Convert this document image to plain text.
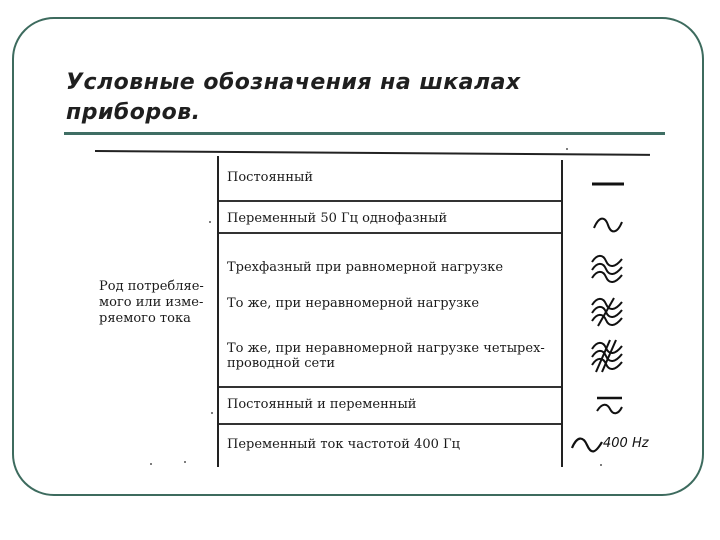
Условные обозначения на шкалах приборов.
Род потребляе-мого или изме-ряемого тока
Постоянный
Переменный 50 Гц однофазный
Трехфазный при равномерной нагрузке
То же, при неравномерной нагрузке
То же, при неравномерной нагрузке четырех-проводной сети
Постоянный и переменный
Переменный ток частотой 400 Гц	400 Hz
